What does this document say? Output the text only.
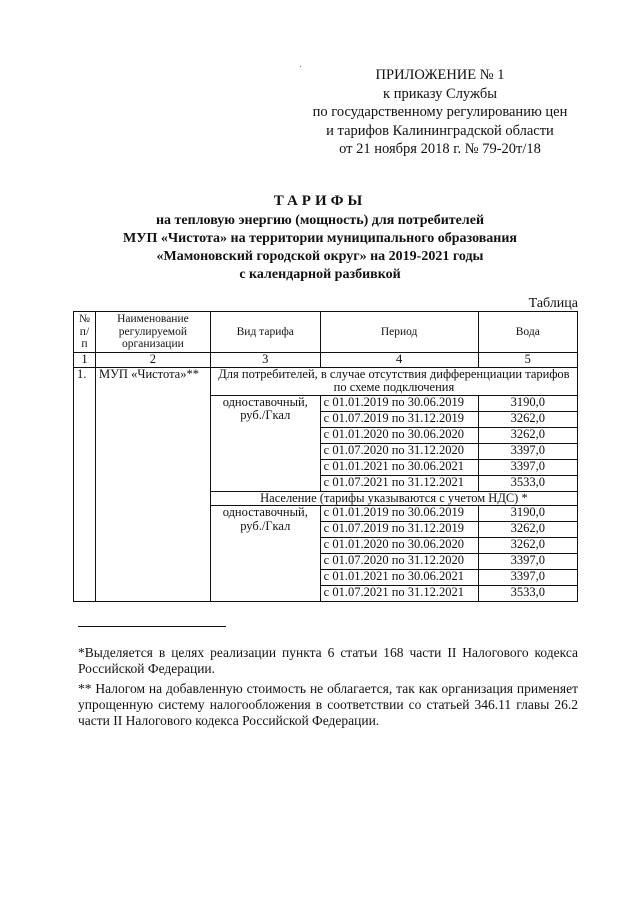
·	ПРИЛОЖЕНИЕ № 1
к приказу Службы
по государственному регулированию цен
и тарифов Калининградской области
от 21 ноября 2018 г. № 79-20т/18
ТАРИФЫ
на тепловую энергию (мощность) для потребителей
МУП «Чистота» на территории муниципального образования
«Мамоновский городской округ» на 2019-2021 годы
с календарной разбивкой
Таблица
№ п/ п	Наименование регулируемой организации	Вид тарифа	Период	Вода
1	2	3	4	5
1.	МУП «Чистота»**	Для потребителей, в случае отсутствия дифференциации тарифов по схеме подключения		
		одноставочный, руб./Гкал	с 01.01.2019 по 30.06.2019	3190,0
			с 01.07.2019 по 31.12.2019	3262,0
			с 01.01.2020 по 30.06.2020	3262,0
			с 01.07.2020 по 31.12.2020	3397,0
			с 01.01.2021 по 30.06.2021	3397,0
			с 01.07.2021 по 31.12.2021	3533,0
		Население (тарифы указываются с учетом НДС) *		
		одноставочный, руб./Гкал	с 01.01.2019 по 30.06.2019	3190,0
			с 01.07.2019 по 31.12.2019	3262,0
			с 01.01.2020 по 30.06.2020	3262,0
			с 01.07.2020 по 31.12.2020	3397,0
			с 01.01.2021 по 30.06.2021	3397,0
			с 01.07.2021 по 31.12.2021	3533,0

*Выделяется в целях реализации пункта 6 статьи 168 части II Налогового кодекса Российской Федерации.

** Налогом на добавленную стоимость не облагается, так как организация применяет упрощенную систему налогообложения в соответствии со статьей 346.11 главы 26.2 части II Налогового кодекса Российской Федерации.
